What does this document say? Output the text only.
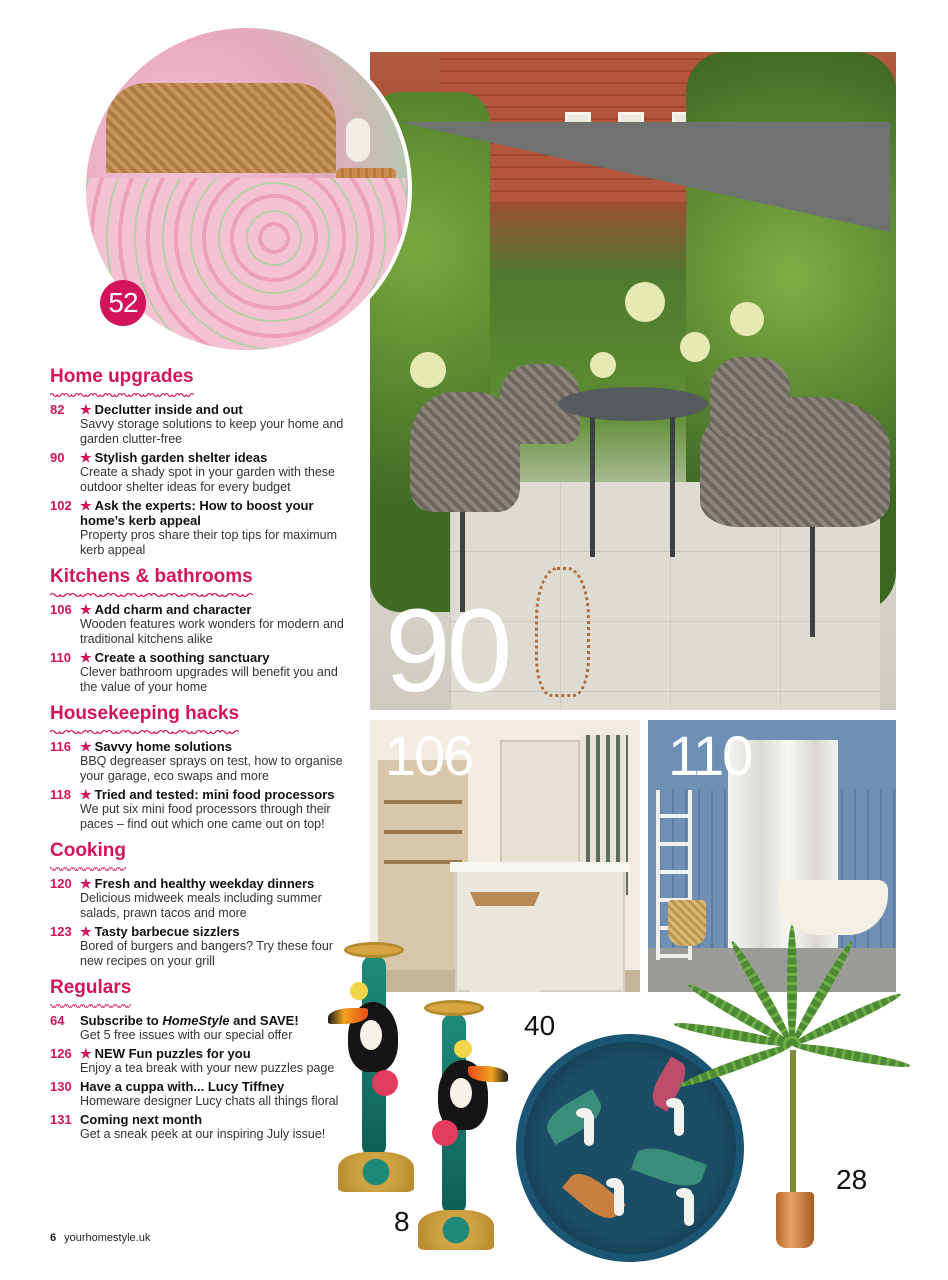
52
90
106	110
40
8
28
Home upgrades
82	★ Declutter inside and out
Savvy storage solutions to keep your home and garden clutter-free
90	★ Stylish garden shelter ideas
Create a shady spot in your garden with these outdoor shelter ideas for every budget
102 ★ Ask the experts: How to boost your home’s kerb appeal
Property pros share their top tips for maximum kerb appeal
Kitchens & bathrooms
106 ★ Add charm and character
Wooden features work wonders for modern and traditional kitchens alike
110 ★ Create a soothing sanctuary
Clever bathroom upgrades will benefit you and the value of your home
Housekeeping hacks
116 ★ Savvy home solutions
BBQ degreaser sprays on test, how to organise your garage, eco swaps and more
118 ★ Tried and tested: mini food processors
We put six mini food processors through their paces – find out which one came out on top!
Cooking
120 ★ Fresh and healthy weekday dinners
Delicious midweek meals including summer salads, prawn tacos and more
123 ★ Tasty barbecue sizzlers
Bored of burgers and bangers? Try these four new recipes on your grill
Regulars
64	Subscribe to HomeStyle and SAVE!
Get 5 free issues with our special offer
126 ★ NEW Fun puzzles for you
Enjoy a tea break with your new puzzles page
130 Have a cuppa with... Lucy Tiffney
Homeware designer Lucy chats all things floral
131 Coming next month
Get a sneak peek at our inspiring July issue!
6 yourhomestyle.uk
